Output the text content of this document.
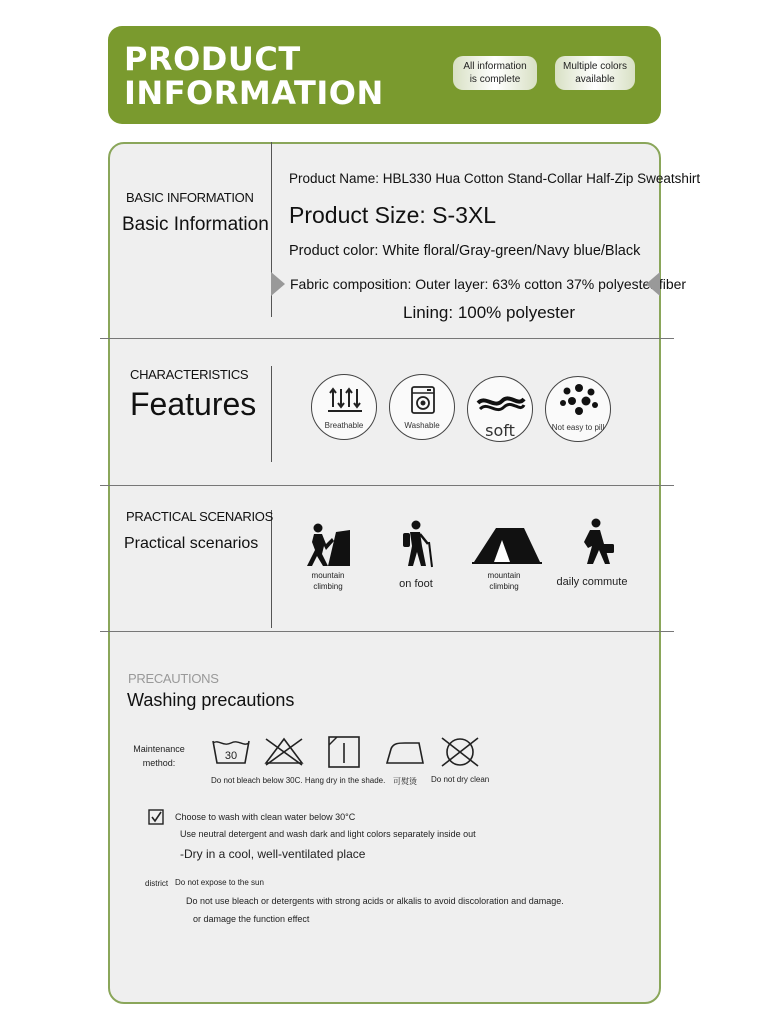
PRODUCT
INFORMATION
All information is complete
Multiple colors available
BASIC INFORMATION
Basic Information
Product Name: HBL330 Hua Cotton Stand-Collar Half-Zip Sweatshirt
Product Size: S-3XL
Product color: White floral/Gray-green/Navy blue/Black
Fabric composition: Outer layer: 63% cotton 37% polyester fiber
Lining: 100% polyester
CHARACTERISTICS
Features
Breathable	Washable	soft	Not easy to pill
PRACTICAL SCENARIOS
Practical scenarios
mountain climbing	on foot
mountain climbing	daily commute
PRECAUTIONS
Washing precautions
Maintenance method:
30
Do not bleach below 30C. Hang dry in the shade. 可熨烫 Do not dry clean
Choose to wash with clean water below 30°C
Use neutral detergent and wash dark and light colors separately inside out
-Dry in a cool, well-ventilated place
district Do not expose to the sun
Do not use bleach or detergents with strong acids or alkalis to avoid discoloration and damage.
or damage the function effect
